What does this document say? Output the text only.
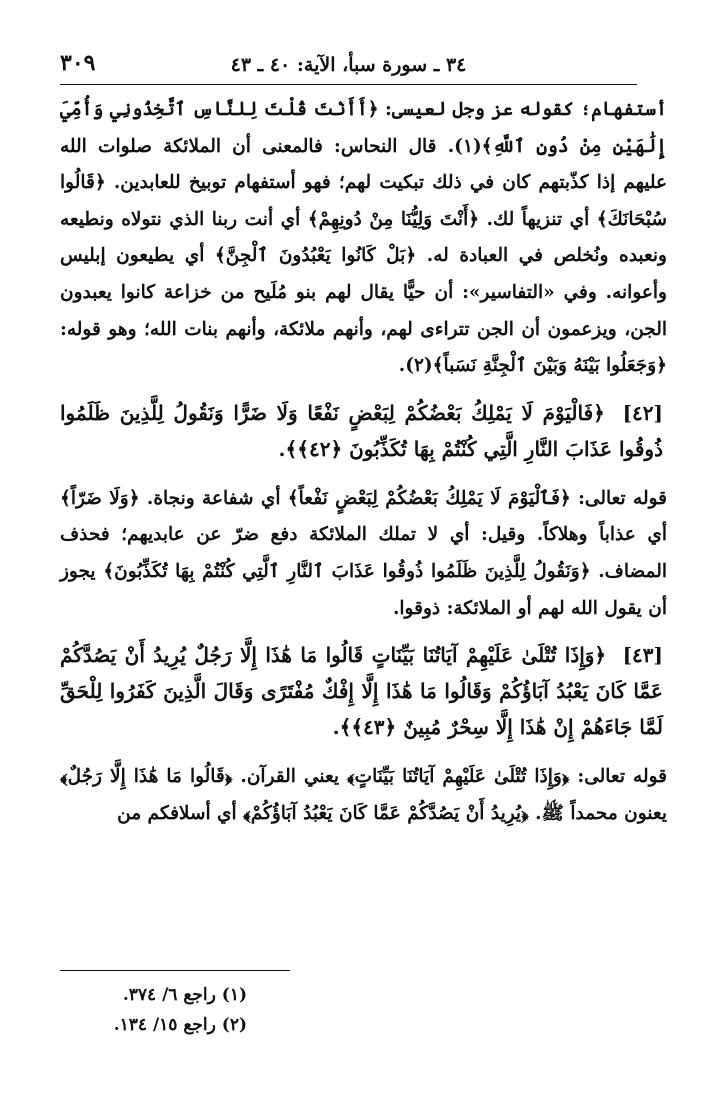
٣٤ ـ سورة سبأ، الآية: ٤٠ ـ ٤٣
٣٠٩

أستفهام؛ كقوله عز وجل لعيسى: ﴿أَأَنْتَ قُلْتَ لِلنَّاسِ ٱتَّخِذُونِي وَأُمِّيَ إِلَٰهَيْنِ مِنْ دُونِ ٱللَّهِ﴾(١). قال النحاس: فالمعنى أن الملائكة صلوات الله عليهم إذا كذّبتهم كان في ذلك تبكيت لهم؛ فهو أستفهام توبيخ للعابدين. ﴿قَالُوا سُبْحَانَكَ﴾ أي تنزيهاً لك. ﴿أَنْتَ وَلِيُّنَا مِنْ دُونِهِمْ﴾ أي أنت ربنا الذي نتولاه ونطيعه ونعبده ونُخلص في العبادة له. ﴿بَلْ كَانُوا يَعْبُدُونَ ٱلْجِنَّ﴾ أي يطيعون إبليس وأعوانه. وفي «التفاسير»: أن حيًّا يقال لهم بنو مُلَيح من خزاعة كانوا يعبدون الجن، ويزعمون أن الجن تتراءى لهم، وأنهم ملائكة، وأنهم بنات الله؛ وهو قوله: ﴿وَجَعَلُوا بَيْنَهُ وَبَيْنَ ٱلْجِنَّةِ نَسَباً﴾(٢).

[٤٢] ﴿فَالْيَوْمَ لَا يَمْلِكُ بَعْضُكُمْ لِبَعْضٍ نَفْعًا وَلَا ضَرًّا وَنَقُولُ لِلَّذِينَ ظَلَمُوا ذُوقُوا عَذَابَ النَّارِ الَّتِي كُنْتُمْ بِهَا تُكَذِّبُونَ ﴿٤٢﴾﴾.

قوله تعالى: ﴿فَٱلْيَوْمَ لَا يَمْلِكُ بَعْضُكُمْ لِبَعْضٍ نَفْعاً﴾ أي شفاعة ونجاة. ﴿وَلَا ضَرّاً﴾ أي عذاباً وهلاكاً. وقيل: أي لا تملك الملائكة دفع ضرّ عن عابديهم؛ فحذف المضاف. ﴿وَنَقُولُ لِلَّذِينَ ظَلَمُوا ذُوقُوا عَذَابَ ٱلنَّارِ ٱلَّتِي كُنْتُمْ بِهَا تُكَذِّبُونَ﴾ يجوز أن يقول الله لهم أو الملائكة: ذوقوا.

[٤٣] ﴿وَإِذَا تُتْلَىٰ عَلَيْهِمْ آيَاتُنَا بَيِّنَاتٍ قَالُوا مَا هَٰذَا إِلَّا رَجُلٌ يُرِيدُ أَنْ يَصُدَّكُمْ عَمَّا كَانَ يَعْبُدُ آبَاؤُكُمْ وَقَالُوا مَا هَٰذَا إِلَّا إِفْكٌ مُفْتَرًى وَقَالَ الَّذِينَ كَفَرُوا لِلْحَقِّ لَمَّا جَاءَهُمْ إِنْ هَٰذَا إِلَّا سِحْرٌ مُبِينٌ ﴿٤٣﴾﴾.

قوله تعالى: ﴿وَإِذَا تُتْلَىٰ عَلَيْهِمْ آيَاتُنَا بَيِّنَاتٍ﴾ يعني القرآن. ﴿قَالُوا مَا هَٰذَا إِلَّا رَجُلٌ﴾ يعنون محمداً ﷺ. ﴿يُرِيدُ أَنْ يَصُدَّكُمْ عَمَّا كَانَ يَعْبُدُ آبَاؤُكُمْ﴾ أي أسلافكم من

(١) راجع ٦/ ٣٧٤.
(٢) راجع ١٥/ ١٣٤.
